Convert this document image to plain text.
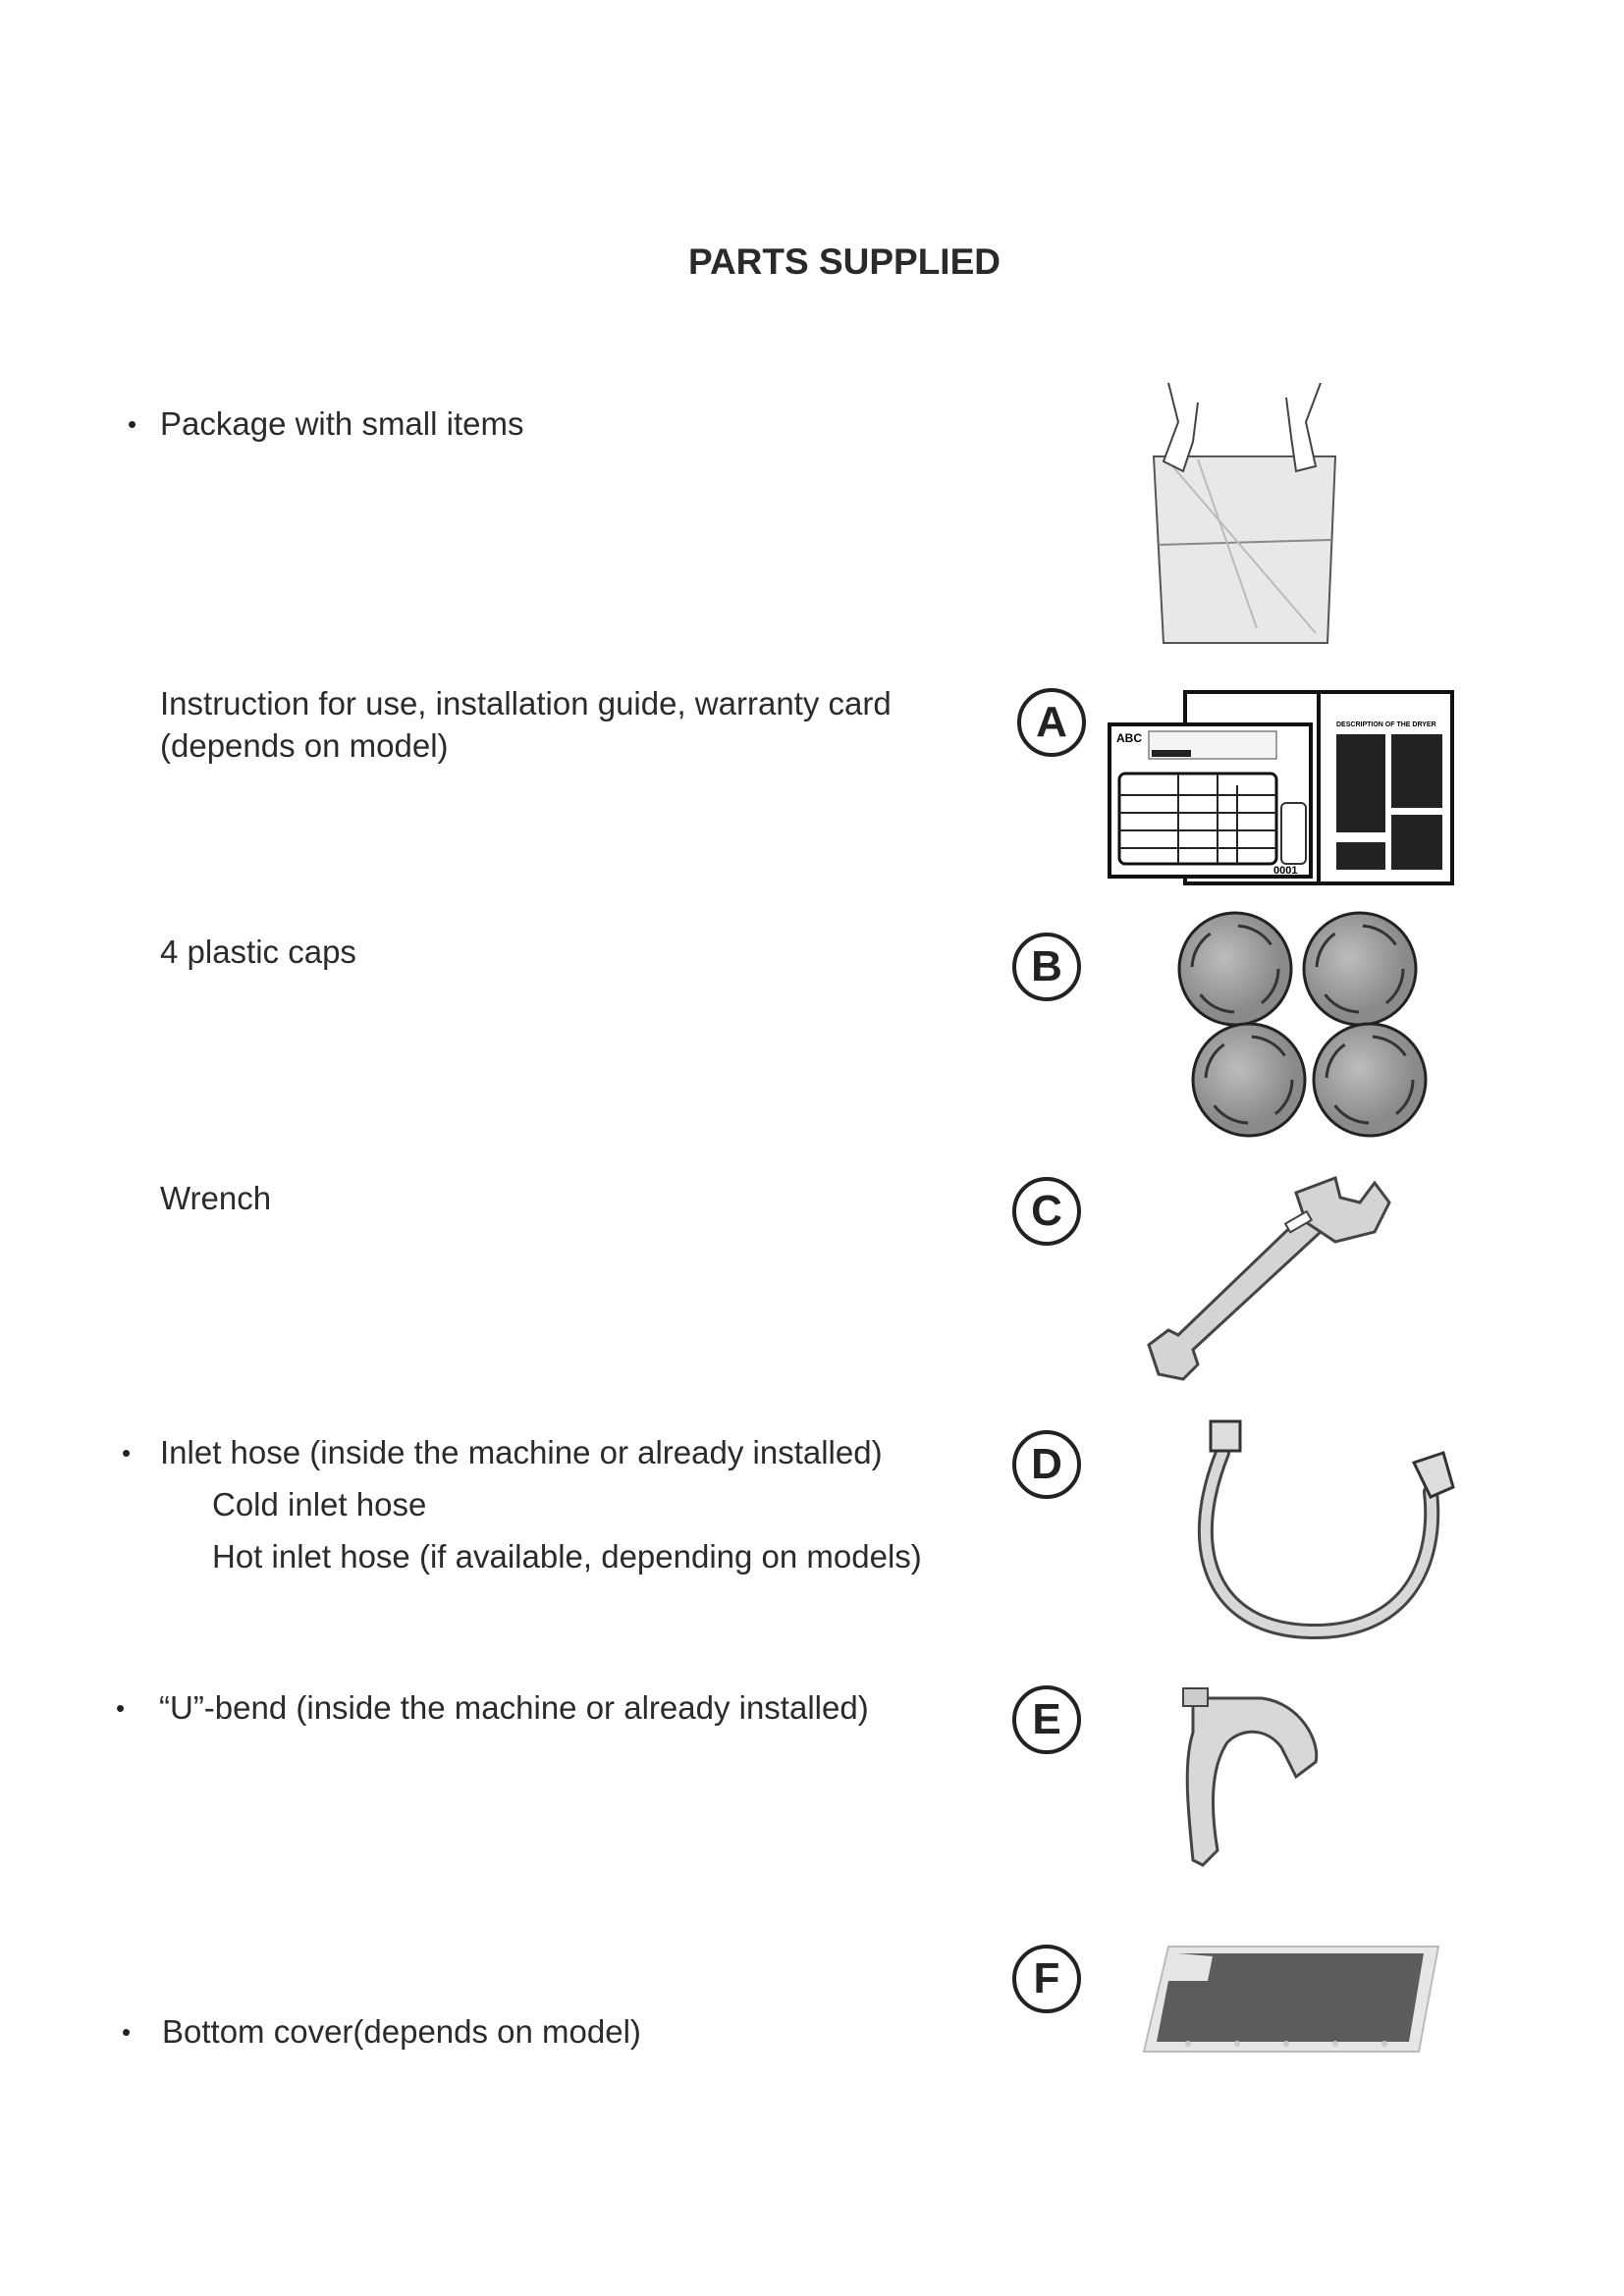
PARTS SUPPLIED
• Package with small items
Instruction for use, installation guide, warranty card
(depends on model)	A	DESCRIPTION OF THE DRYER
ABC
0001
4 plastic caps	B
Wrench	C
• Inlet hose (inside the machine or already installed)
Cold inlet hose
Hot inlet hose (if available, depending on models)
D
• “U”-bend (inside the machine or already installed)	E
• Bottom cover(depends on model)
F
